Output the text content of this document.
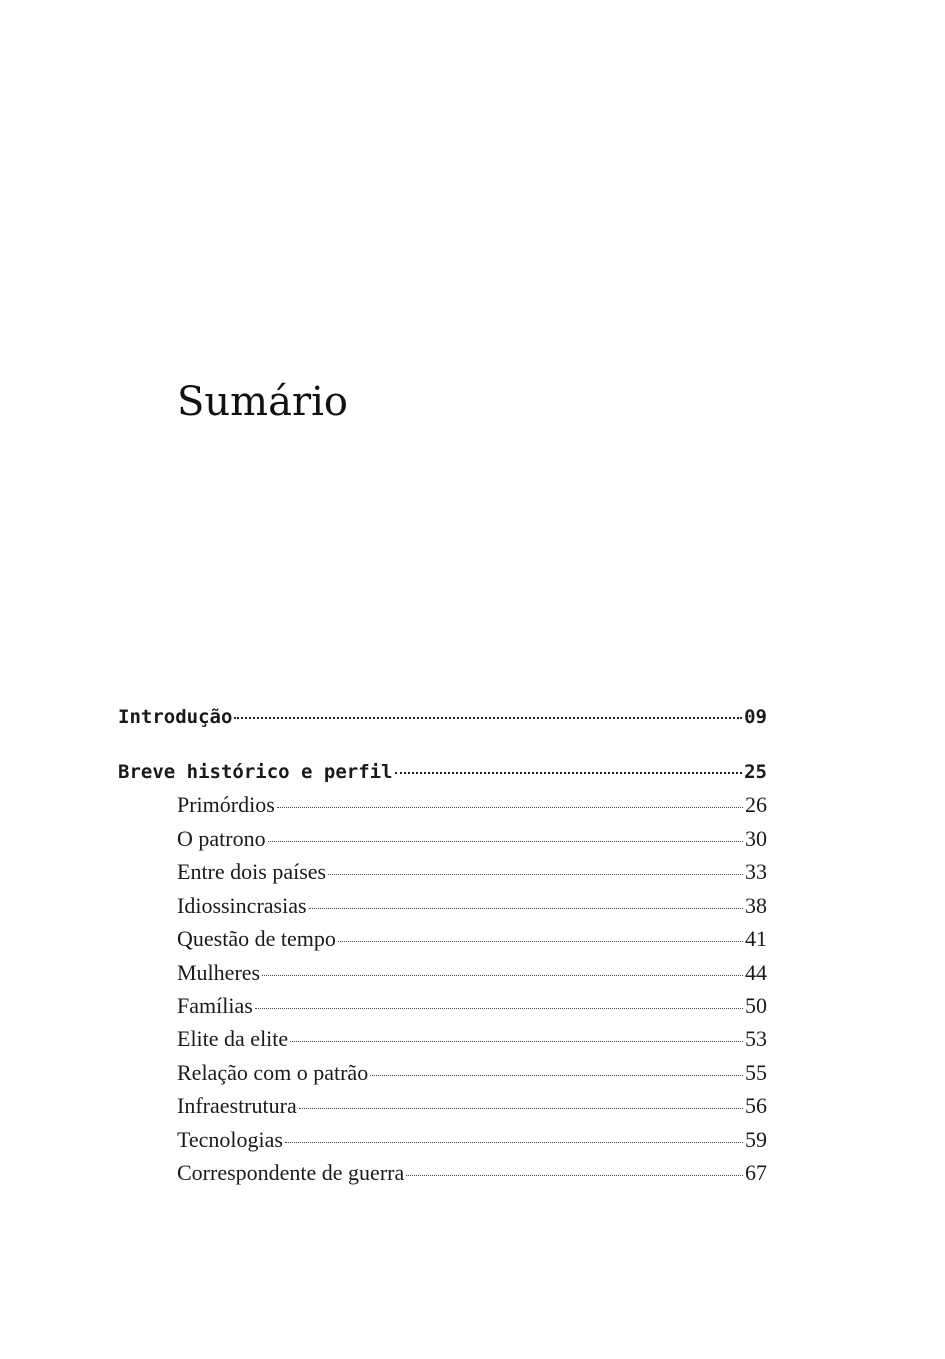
Sumário
Introdução	09
Breve histórico e perfil	25
Primórdios	26
O patrono	30
Entre dois países	33
Idiossincrasias	38
Questão de tempo	41
Mulheres	44
Famílias	50
Elite da elite	53
Relação com o patrão	55
Infraestrutura	56
Tecnologias	59
Correspondente de guerra	67
